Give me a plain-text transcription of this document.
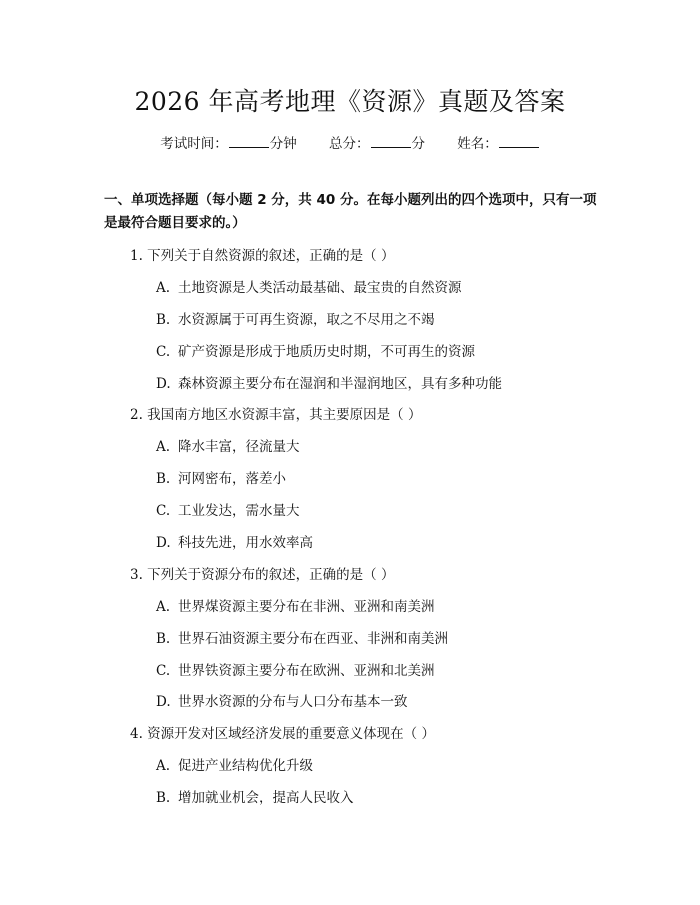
2026 年高考地理《资源》真题及答案
考试时间：	分钟 总分：	分 姓名：
一、单项选择题（每小题 2 分，共 40 分。在每小题列出的四个选项中，只有一项
是最符合题目要求的。）
1. 下列关于自然资源的叙述，正确的是（ ）
A. 土地资源是人类活动最基础、最宝贵的自然资源
B. 水资源属于可再生资源，取之不尽用之不竭
C. 矿产资源是形成于地质历史时期，不可再生的资源
D. 森林资源主要分布在湿润和半湿润地区，具有多种功能
2. 我国南方地区水资源丰富，其主要原因是（ ）
A. 降水丰富，径流量大
B. 河网密布，落差小
C. 工业发达，需水量大
D. 科技先进，用水效率高
3. 下列关于资源分布的叙述，正确的是（ ）
A. 世界煤资源主要分布在非洲、亚洲和南美洲
B. 世界石油资源主要分布在西亚、非洲和南美洲
C. 世界铁资源主要分布在欧洲、亚洲和北美洲
D. 世界水资源的分布与人口分布基本一致
4. 资源开发对区域经济发展的重要意义体现在（ ）
A. 促进产业结构优化升级
B. 增加就业机会，提高人民收入
